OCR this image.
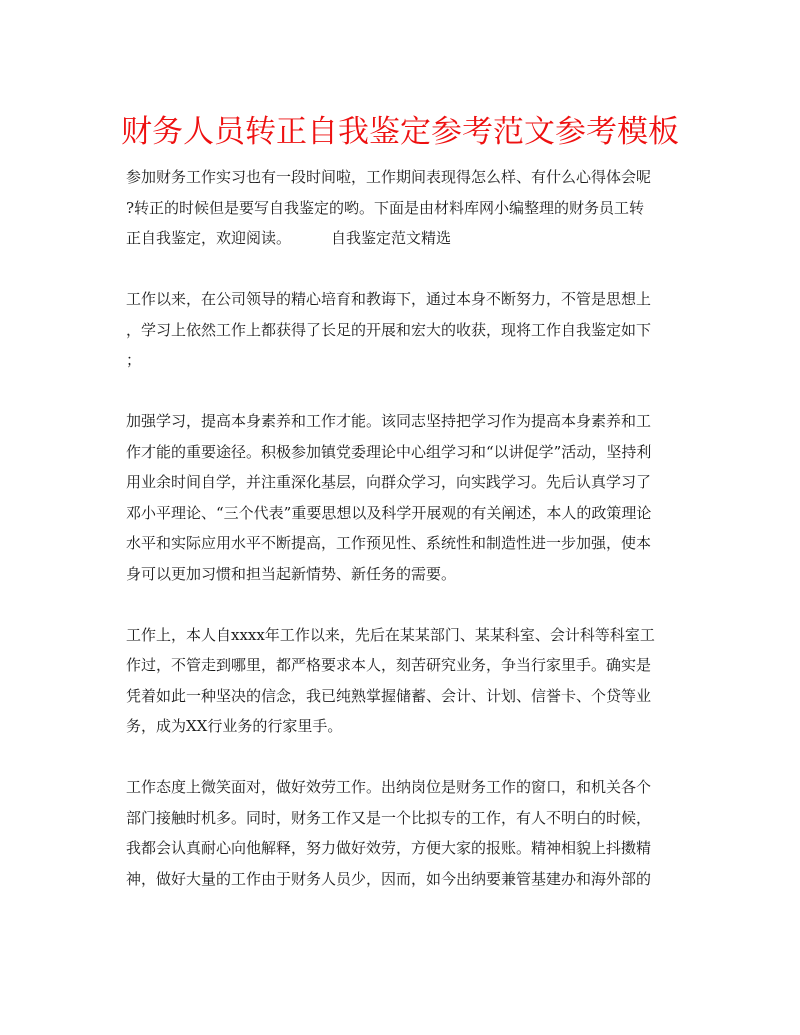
财务人员转正自我鉴定参考范文参考模板
参加财务工作实习也有一段时间啦，工作期间表现得怎么样、有什么心得体会呢
?转正的时候但是要写自我鉴定的哟。下面是由材料库网小编整理的财务员工转
正自我鉴定，欢迎阅读。	自我鉴定范文精选
工作以来，在公司领导的精心培育和教诲下，通过本身不断努力，不管是思想上
，学习上依然工作上都获得了长足的开展和宏大的收获，现将工作自我鉴定如下
；
加强学习，提高本身素养和工作才能。该同志坚持把学习作为提高本身素养和工
作才能的重要途径。积极参加镇党委理论中心组学习和“以讲促学”活动，坚持利
用业余时间自学，并注重深化基层，向群众学习，向实践学习。先后认真学习了
邓小平理论、“三个代表”重要思想以及科学开展观的有关阐述，本人的政策理论
水平和实际应用水平不断提高，工作预见性、系统性和制造性进一步加强，使本
身可以更加习惯和担当起新情势、新任务的需要。
工作上，本人自xxxx年工作以来，先后在某某部门、某某科室、会计科等科室工
作过，不管走到哪里，都严格要求本人，刻苦研究业务，争当行家里手。确实是
凭着如此一种坚决的信念，我已纯熟掌握储蓄、会计、计划、信誉卡、个贷等业
务，成为XX行业务的行家里手。
工作态度上微笑面对，做好效劳工作。出纳岗位是财务工作的窗口，和机关各个
部门接触时机多。同时，财务工作又是一个比拟专的工作，有人不明白的时候，
我都会认真耐心向他解释，努力做好效劳，方便大家的报账。精神相貌上抖擞精
神，做好大量的工作由于财务人员少，因而，如今出纳要兼管基建办和海外部的
